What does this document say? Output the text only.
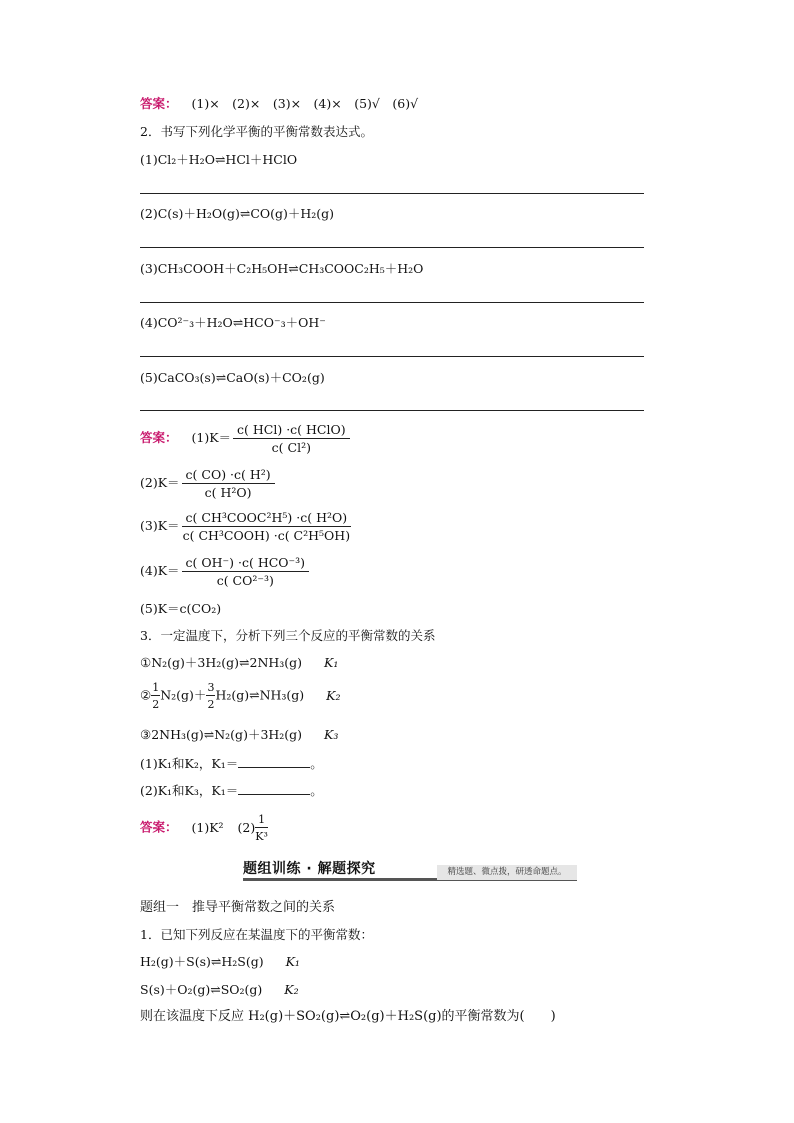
答案： (1)×　(2)×　(3)×　(4)×　(5)√　(6)√
2．书写下列化学平衡的平衡常数表达式。
(1)Cl₂＋H₂O⇌HCl＋HClO
(2)C(s)＋H₂O(g)⇌CO(g)＋H₂(g)
(3)CH₃COOH＋C₂H₅OH⇌CH₃COOC₂H₅＋H₂O
(4)CO²⁻₃＋H₂O⇌HCO⁻₃＋OH⁻
(5)CaCO₃(s)⇌CaO(s)＋CO₂(g)
答案： $(1)K= \frac{\text{c( HCl) ·c( HClO)}}{\text{c( Cl²)}}$
$(2)K= \frac{\text{c( CO) ·c( H²)}}{\text{c( H²O)}}$
$(3)K= \frac{\text{c( CH³COOC²H⁵) ·c( H²O)}}{\text{c( CH³COOH) ·c( C²H⁵OH)}}$
$(4)K= \frac{\text{c( OH⁻) ·c( HCO⁻³)}}{\text{c( CO²⁻³)}}$
(5)K＝c(CO₂)
3．一定温度下，分析下列三个反应的平衡常数的关系
①N₂(g)＋3H₂(g)⇌2NH₃(g) K₁
② $\frac{1}{2} N_2(g)+ \frac{3}{2}$ H₂(g)⇌NH₃(g) K₂
③2NH₃(g)⇌N₂(g)＋3H₂(g) K₃
(1)K₁和K₂，K₁＝	。
(2)K₁和K₃，K₁＝	。
答案： (1)K² $(2) \frac{1}{\text{K³}}$
题组训练 · 解题探究	精选题、微点拨，研透命题点。
题组一　推导平衡常数之间的关系
1．已知下列反应在某温度下的平衡常数：
H₂(g)＋S(s)⇌H₂S(g) K₁
S(s)＋O₂(g)⇌SO₂(g) K₂
则在该温度下反应 H₂(g)＋SO₂(g)⇌O₂(g)＋H₂S(g)的平衡常数为(　　)
